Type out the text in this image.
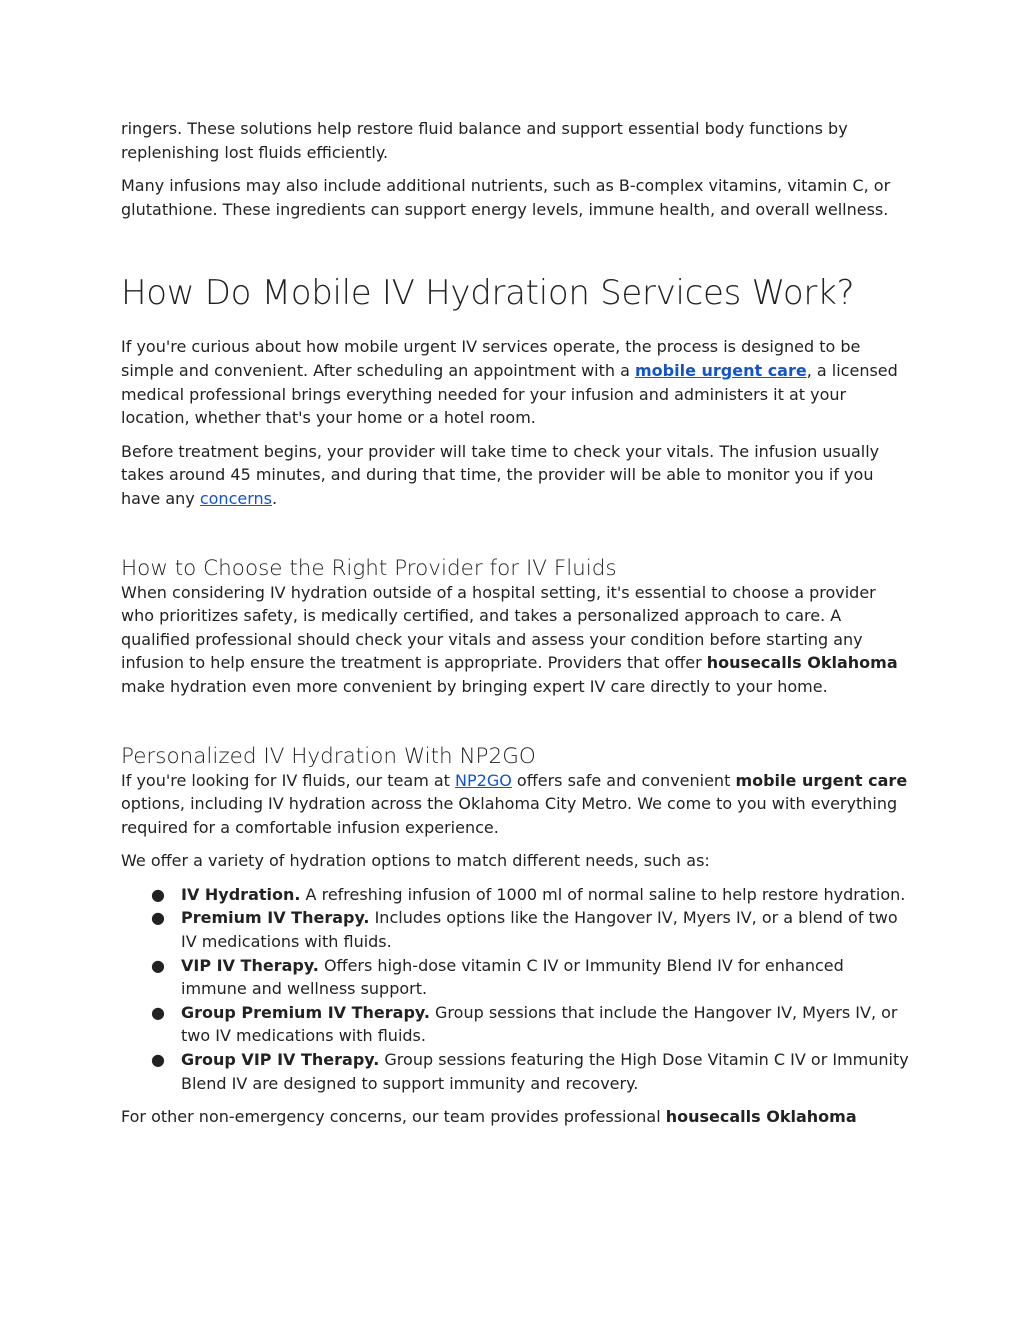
ringers. These solutions help restore fluid balance and support essential body functions by replenishing lost fluids efficiently.

Many infusions may also include additional nutrients, such as B-complex vitamins, vitamin C, or glutathione. These ingredients can support energy levels, immune health, and overall wellness.

How Do Mobile IV Hydration Services Work?

If you're curious about how mobile urgent IV services operate, the process is designed to be simple and convenient. After scheduling an appointment with a mobile urgent care, a licensed medical professional brings everything needed for your infusion and administers it at your location, whether that's your home or a hotel room.

Before treatment begins, your provider will take time to check your vitals. The infusion usually takes around 45 minutes, and during that time, the provider will be able to monitor you if you have any concerns.

How to Choose the Right Provider for IV Fluids

When considering IV hydration outside of a hospital setting, it's essential to choose a provider who prioritizes safety, is medically certified, and takes a personalized approach to care. A qualified professional should check your vitals and assess your condition before starting any infusion to help ensure the treatment is appropriate. Providers that offer housecalls Oklahoma make hydration even more convenient by bringing expert IV care directly to your home.

Personalized IV Hydration With NP2GO

If you're looking for IV fluids, our team at NP2GO offers safe and convenient mobile urgent care options, including IV hydration across the Oklahoma City Metro. We come to you with everything required for a comfortable infusion experience.

We offer a variety of hydration options to match different needs, such as:

● IV Hydration. A refreshing infusion of 1000 ml of normal saline to help restore hydration.
● Premium IV Therapy. Includes options like the Hangover IV, Myers IV, or a blend of two IV medications with fluids.
● VIP IV Therapy. Offers high-dose vitamin C IV or Immunity Blend IV for enhanced immune and wellness support.
● Group Premium IV Therapy. Group sessions that include the Hangover IV, Myers IV, or two IV medications with fluids.
● Group VIP IV Therapy. Group sessions featuring the High Dose Vitamin C IV or Immunity Blend IV are designed to support immunity and recovery.

For other non-emergency concerns, our team provides professional housecalls Oklahoma
